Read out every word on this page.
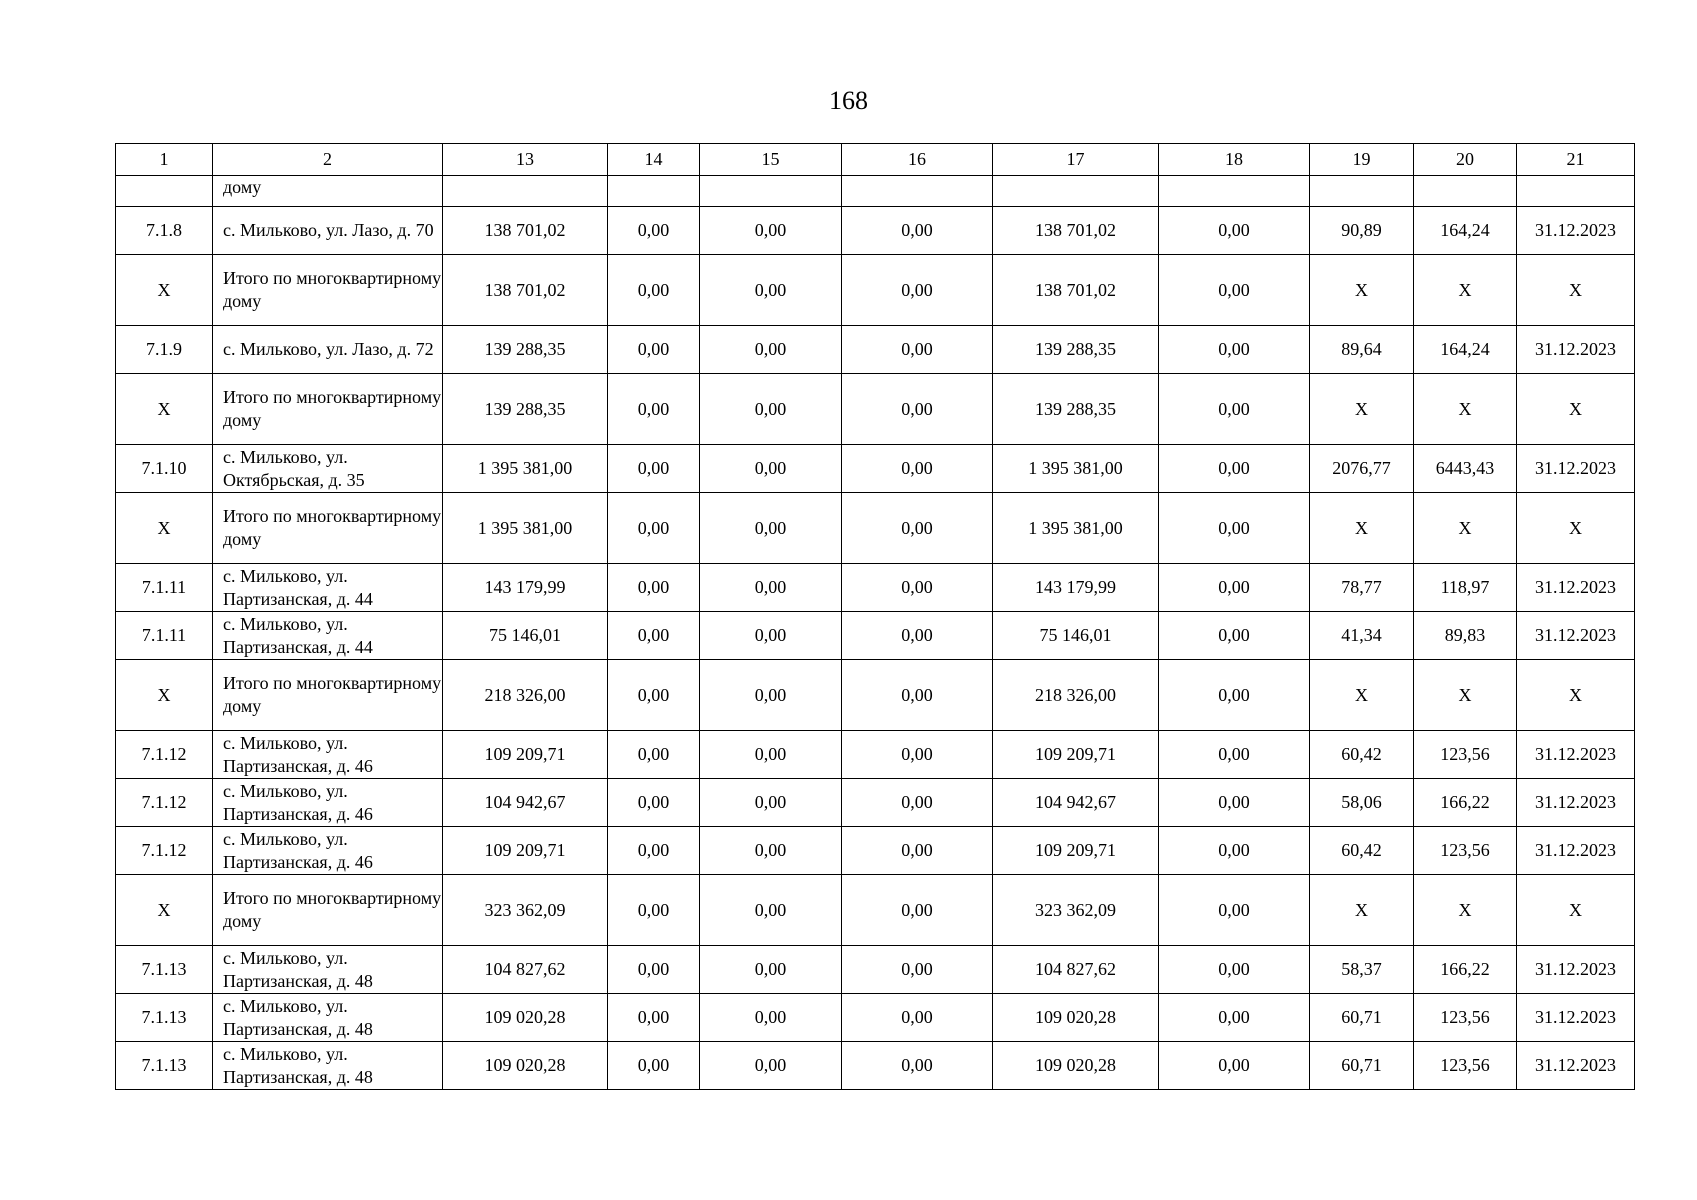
168
1	2	13	14	15	16	17	18	19	20	21
	дому									
7.1.8	с. Мильково, ул. Лазо, д. 70	138 701,02	0,00	0,00	0,00	138 701,02	0,00	90,89	164,24	31.12.2023
Х	Итого по многоквартирному дому	138 701,02	0,00	0,00	0,00	138 701,02	0,00	Х	Х	Х
7.1.9	с. Мильково, ул. Лазо, д. 72	139 288,35	0,00	0,00	0,00	139 288,35	0,00	89,64	164,24	31.12.2023
Х	Итого по многоквартирному дому	139 288,35	0,00	0,00	0,00	139 288,35	0,00	Х	Х	Х
7.1.10	с. Мильково, ул. Октябрьская, д. 35	1 395 381,00	0,00	0,00	0,00	1 395 381,00	0,00	2076,77	6443,43	31.12.2023
Х	Итого по многоквартирному дому	1 395 381,00	0,00	0,00	0,00	1 395 381,00	0,00	Х	Х	Х
7.1.11	с. Мильково, ул. Партизанская, д. 44	143 179,99	0,00	0,00	0,00	143 179,99	0,00	78,77	118,97	31.12.2023
7.1.11	с. Мильково, ул. Партизанская, д. 44	75 146,01	0,00	0,00	0,00	75 146,01	0,00	41,34	89,83	31.12.2023
Х	Итого по многоквартирному дому	218 326,00	0,00	0,00	0,00	218 326,00	0,00	Х	Х	Х
7.1.12	с. Мильково, ул. Партизанская, д. 46	109 209,71	0,00	0,00	0,00	109 209,71	0,00	60,42	123,56	31.12.2023
7.1.12	с. Мильково, ул. Партизанская, д. 46	104 942,67	0,00	0,00	0,00	104 942,67	0,00	58,06	166,22	31.12.2023
7.1.12	с. Мильково, ул. Партизанская, д. 46	109 209,71	0,00	0,00	0,00	109 209,71	0,00	60,42	123,56	31.12.2023
Х	Итого по многоквартирному дому	323 362,09	0,00	0,00	0,00	323 362,09	0,00	Х	Х	Х
7.1.13	с. Мильково, ул. Партизанская, д. 48	104 827,62	0,00	0,00	0,00	104 827,62	0,00	58,37	166,22	31.12.2023
7.1.13	с. Мильково, ул. Партизанская, д. 48	109 020,28	0,00	0,00	0,00	109 020,28	0,00	60,71	123,56	31.12.2023
7.1.13	с. Мильково, ул. Партизанская, д. 48	109 020,28	0,00	0,00	0,00	109 020,28	0,00	60,71	123,56	31.12.2023
